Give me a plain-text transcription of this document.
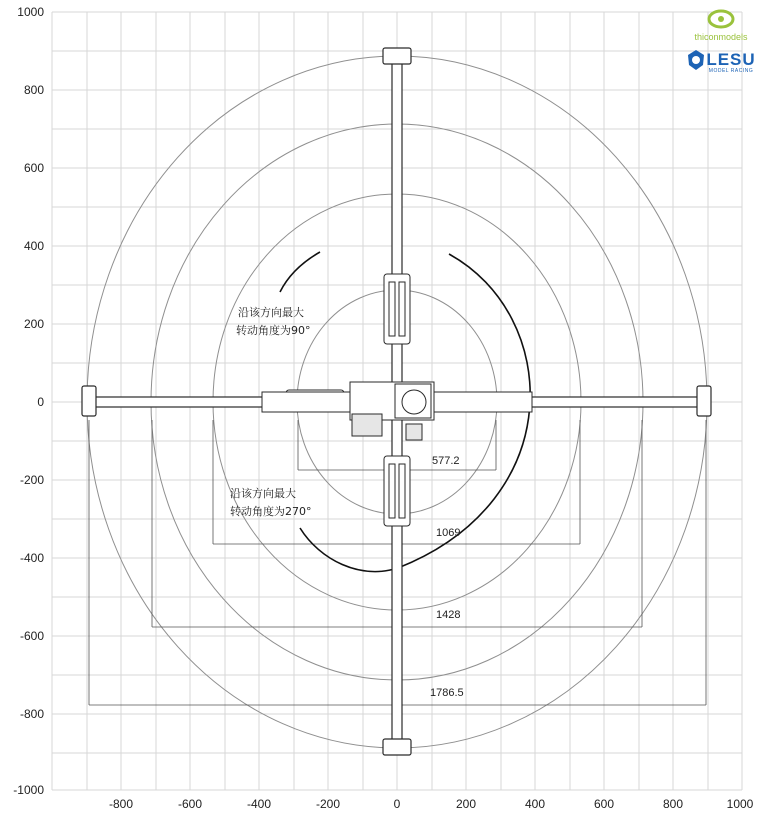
1000
800
600
400
200
0
-200
-400
-600
-800
-1000
-800	-600	-400	-200	0	200	400	600	800	1000
沿该方向最大
转动角度为90°
沿该方向最大
转动角度为270°
577.2
1069
1428
1786.5
thiconmodels
LESU
MODEL RACING
